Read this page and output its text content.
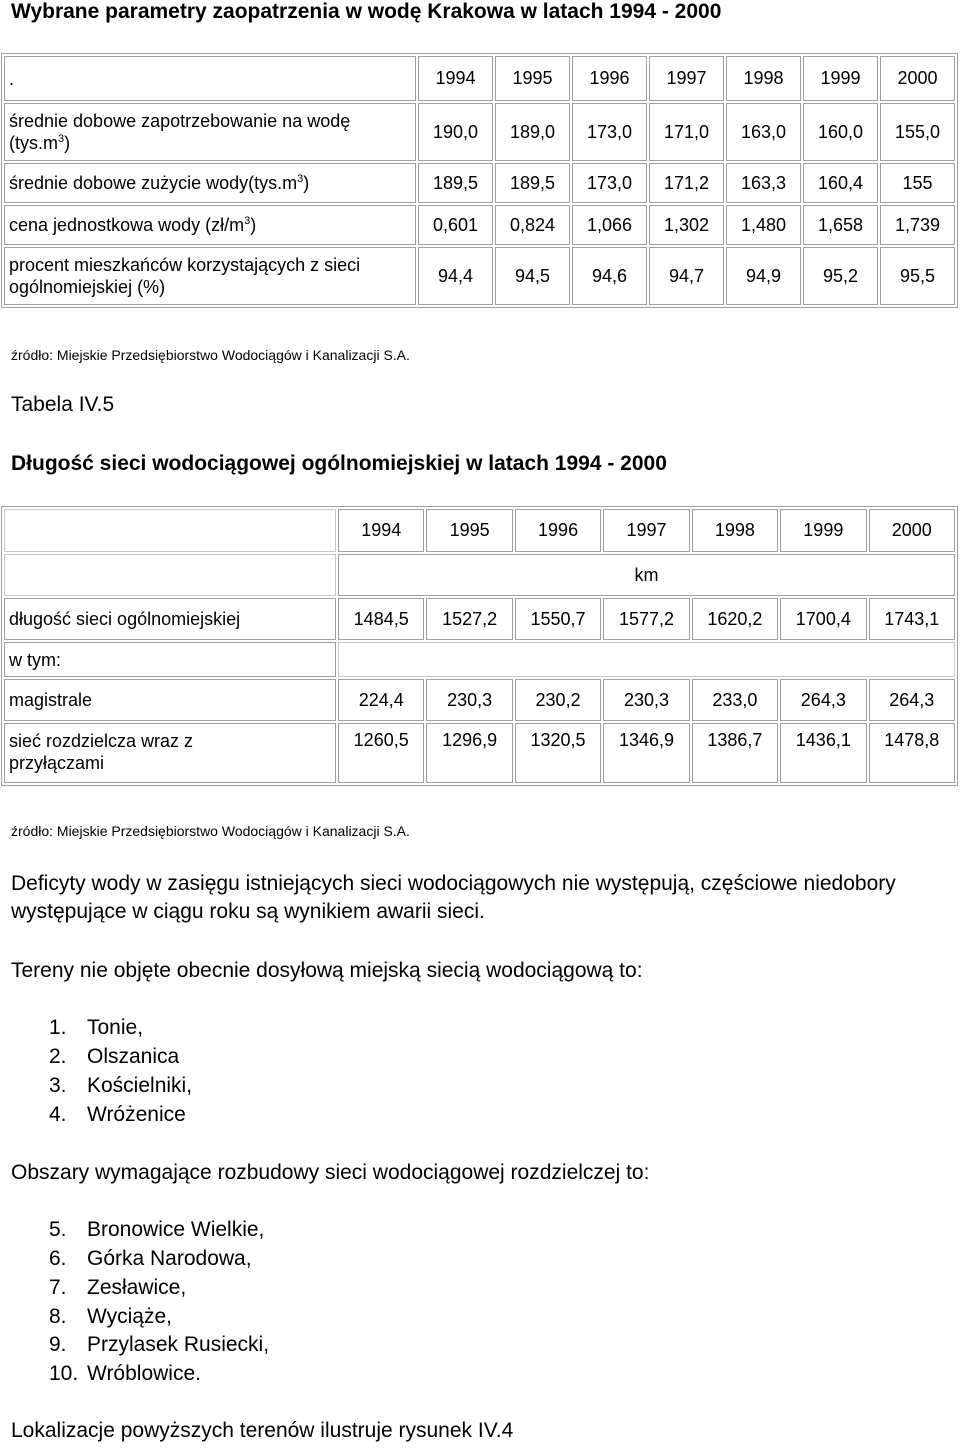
Wybrane parametry zaopatrzenia w wodę Krakowa w latach 1994 - 2000
.	1994	1995	1996	1997	1998	1999	2000
średnie dobowe zapotrzebowanie na wodę $(tys.m^3)$	190,0	189,0	173,0	171,0	163,0	160,0	155,0
średnie dobowe zużycie $wody(tys.m^3)$	189,5	189,5	173,0	171,2	163,3	160,4	155
cena jednostkowa wody $(zł/m^3)$	0,601	0,824	1,066	1,302	1,480	1,658	1,739
procent mieszkańców korzystających z sieci ogólnomiejskiej (%)	94,4	94,5	94,6	94,7	94,9	95,2	95,5
źródło: Miejskie Przedsiębiorstwo Wodociągów i Kanalizacji S.A.
Tabela IV.5
Długość sieci wodociągowej ogólnomiejskiej w latach 1994 - 2000
	1994	1995	1996	1997	1998	1999	2000
	km						
długość sieci ogólnomiejskiej	1484,5	1527,2	1550,7	1577,2	1620,2	1700,4	1743,1
w tym:							
magistrale	224,4	230,3	230,2	230,3	233,0	264,3	264,3
sieć rozdzielcza wraz z przyłączami	1260,5	1296,9	1320,5	1346,9	1386,7	1436,1	1478,8
źródło: Miejskie Przedsiębiorstwo Wodociągów i Kanalizacji S.A.
Deficyty wody w zasięgu istniejących sieci wodociągowych nie występują, częściowe niedobory występujące w ciągu roku są wynikiem awarii sieci.
Tereny nie objęte obecnie dosyłową miejską siecią wodociągową to:
1. Tonie,
2. Olszanica
3. Kościelniki,
4. Wróżenice
Obszary wymagające rozbudowy sieci wodociągowej rozdzielczej to:
5. Bronowice Wielkie,
6. Górka Narodowa,
7. Zesławice,
8. Wyciąże,
9. Przylasek Rusiecki,
10. Wróblowice.
Lokalizacje powyższych terenów ilustruje rysunek IV.4
